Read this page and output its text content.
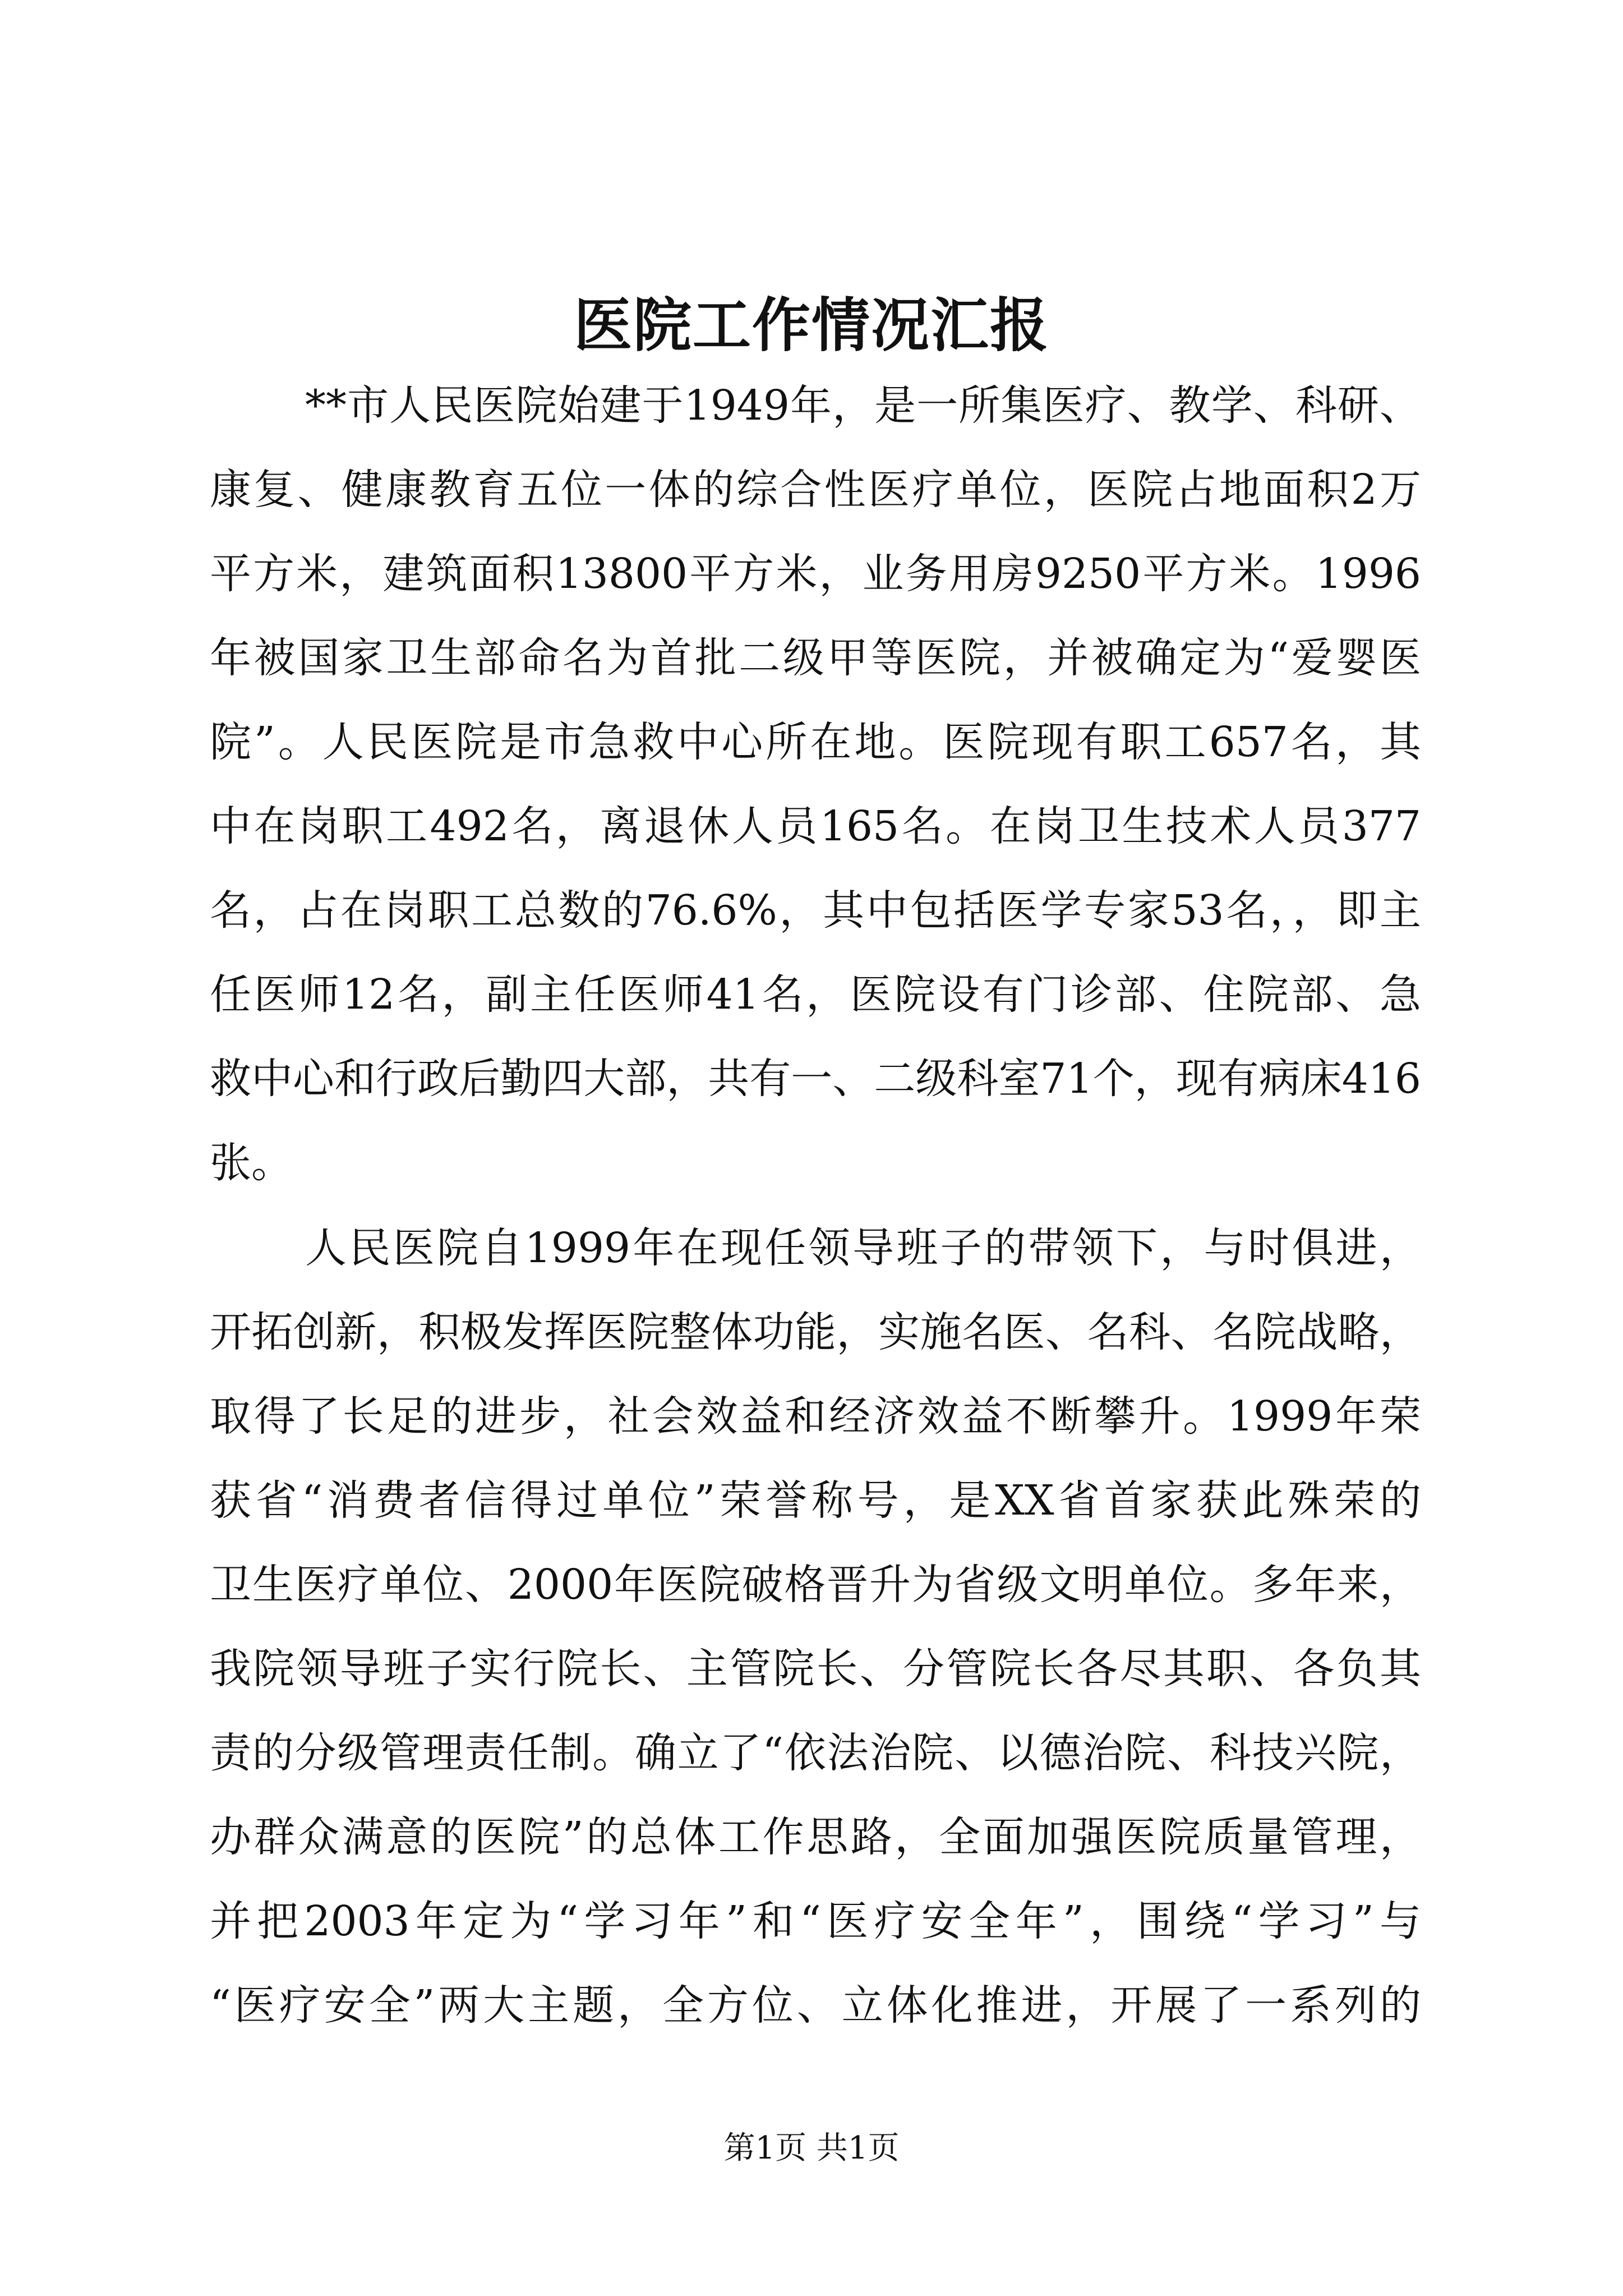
医院工作情况汇报
**市人民医院始建于1949年，是一所集医疗、教学、科研、
康复、健康教育五位一体的综合性医疗单位，医院占地面积2万
平方米，建筑面积13800平方米，业务用房9250平方米。1996
年被国家卫生部命名为首批二级甲等医院，并被确定为“爱婴医
院”。人民医院是市急救中心所在地。医院现有职工657名，其
中在岗职工492名，离退休人员165名。在岗卫生技术人员377
名，占在岗职工总数的76.6%，其中包括医学专家53名，，即主
任医师12名，副主任医师41名，医院设有门诊部、住院部、急
救中心和行政后勤四大部，共有一、二级科室71个，现有病床416
张。
人民医院自1999年在现任领导班子的带领下，与时俱进，
开拓创新，积极发挥医院整体功能，实施名医、名科、名院战略，
取得了长足的进步，社会效益和经济效益不断攀升。1999年荣
获省“消费者信得过单位”荣誉称号，是XX省首家获此殊荣的
卫生医疗单位、2000年医院破格晋升为省级文明单位。多年来，
我院领导班子实行院长、主管院长、分管院长各尽其职、各负其
责的分级管理责任制。确立了“依法治院、以德治院、科技兴院，
办群众满意的医院”的总体工作思路，全面加强医院质量管理，
并把2003年定为“学习年”和“医疗安全年”，围绕“学习”与
“医疗安全”两大主题，全方位、立体化推进，开展了一系列的
第1页 共1页
